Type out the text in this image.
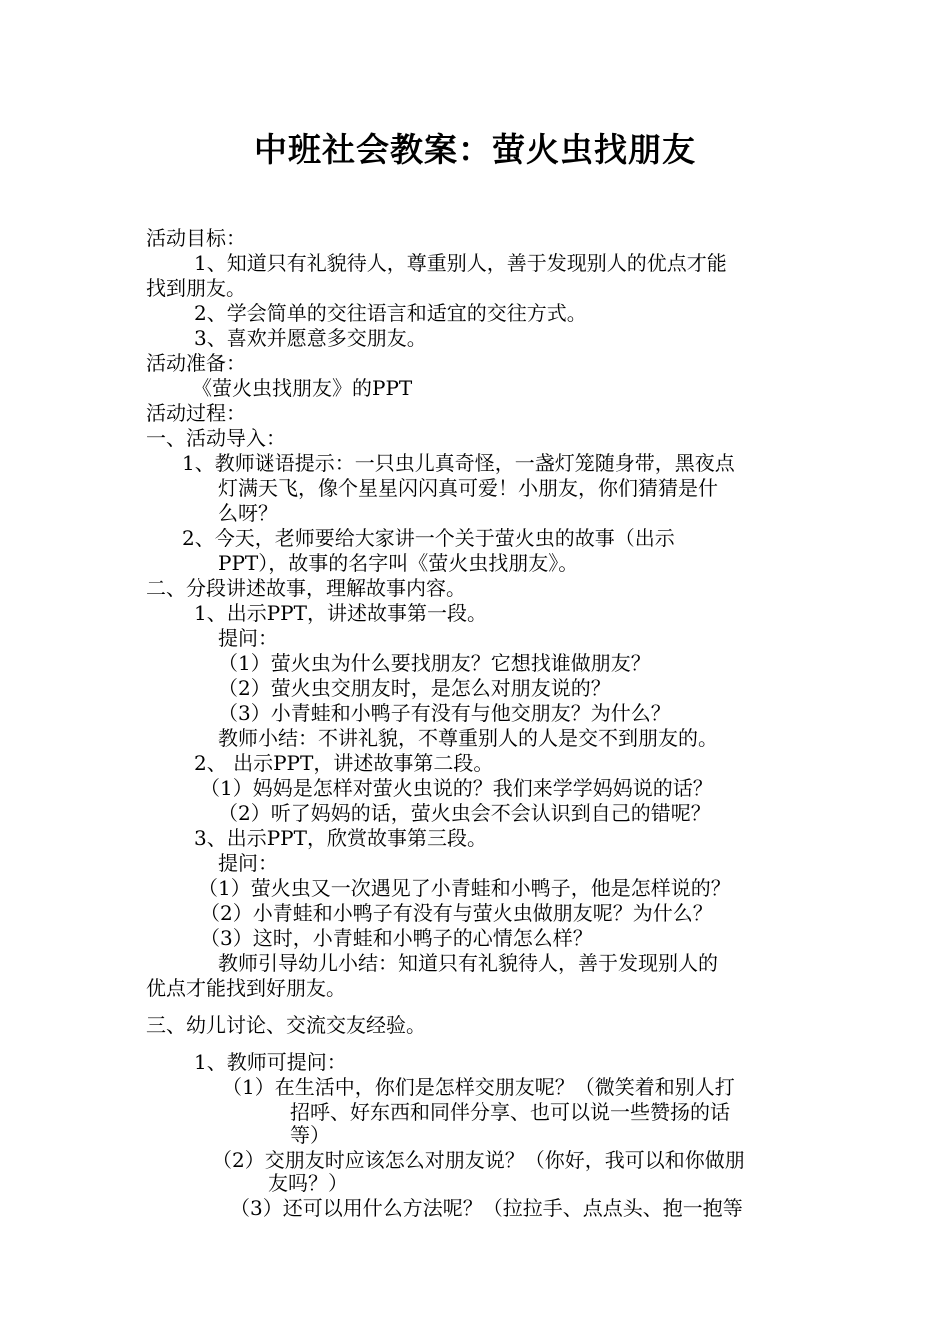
中班社会教案：萤火虫找朋友
活动目标：
1、知道只有礼貌待人，尊重别人，善于发现别人的优点才能
找到朋友。
2、学会简单的交往语言和适宜的交往方式。
3、喜欢并愿意多交朋友。
活动准备：
《萤火虫找朋友》的PPT
活动过程：
一、活动导入：
1、教师谜语提示：一只虫儿真奇怪，一盏灯笼随身带，黑夜点
灯满天飞，像个星星闪闪真可爱！小朋友，你们猜猜是什
么呀？
2、今天，老师要给大家讲一个关于萤火虫的故事（出示
PPT），故事的名字叫《萤火虫找朋友》。
二、分段讲述故事，理解故事内容。
1、出示PPT，讲述故事第一段。
提问：
（1）萤火虫为什么要找朋友？它想找谁做朋友？
（2）萤火虫交朋友时，是怎么对朋友说的？
（3）小青蛙和小鸭子有没有与他交朋友？为什么？
教师小结：不讲礼貌，不尊重别人的人是交不到朋友的。
2、 出示PPT，讲述故事第二段。
（1）妈妈是怎样对萤火虫说的？我们来学学妈妈说的话？
（2）听了妈妈的话，萤火虫会不会认识到自己的错呢？
3、出示PPT，欣赏故事第三段。
提问：
（1）萤火虫又一次遇见了小青蛙和小鸭子，他是怎样说的？
（2）小青蛙和小鸭子有没有与萤火虫做朋友呢？为什么？
（3）这时，小青蛙和小鸭子的心情怎么样？
教师引导幼儿小结：知道只有礼貌待人，善于发现别人的
优点才能找到好朋友。
三、幼儿讨论、交流交友经验。
1、教师可提问：
（1）在生活中，你们是怎样交朋友呢？（微笑着和别人打
招呼、好东西和同伴分享、也可以说一些赞扬的话
等）
（2）交朋友时应该怎么对朋友说？（你好，我可以和你做朋
友吗？）
（3）还可以用什么方法呢？（拉拉手、点点头、抱一抱等
